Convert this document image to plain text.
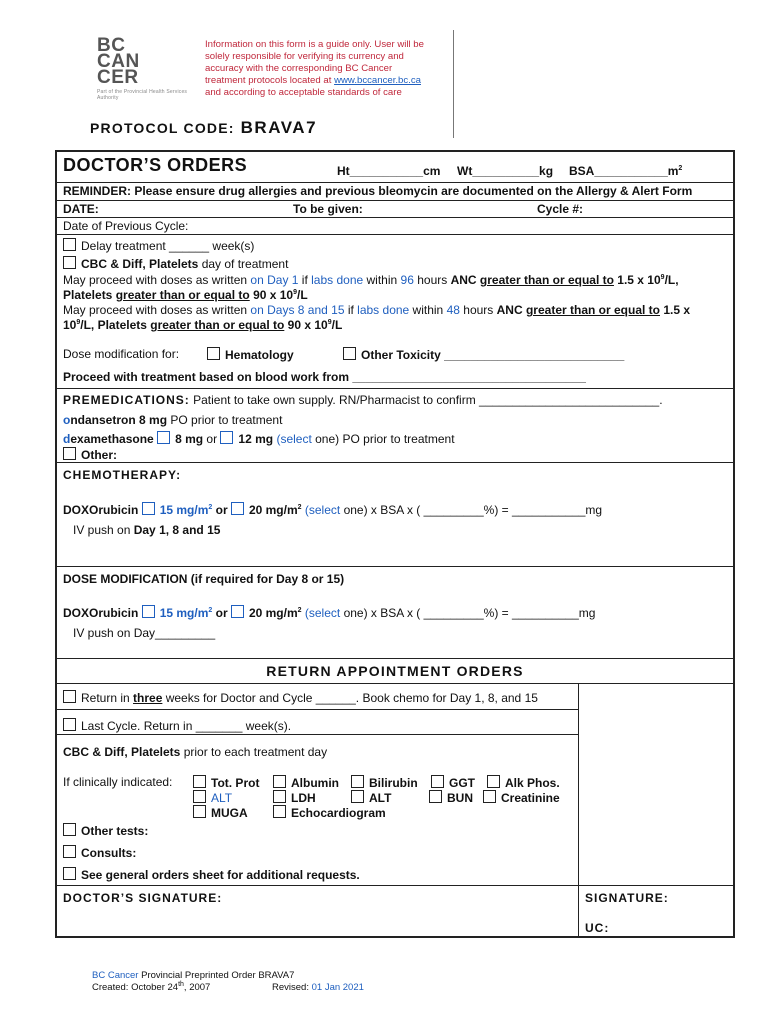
BC
CAN
CER
Part of the Provincial Health Services Authority
Information on this form is a guide only. User will be
solely responsible for verifying its currency and
accuracy with the corresponding BC Cancer
treatment protocols located at www.bccancer.bc.ca
and according to acceptable standards of care
PROTOCOL CODE: BRAVA7
DOCTOR’S ORDERS	Ht___________cm Wt__________kg $BSA\_\_\_\_\_\_\_\_\_\_\_m^2$
REMINDER: Please ensure drug allergies and previous bleomycin are documented on the Allergy & Alert Form
DATE:	To be given:	Cycle #:
Date of Previous Cycle:
Delay treatment ______ week(s)
CBC & Diff, Platelets day of treatment
May proceed with doses as written on Day 1 if labs done within 96 hours ANC greater than or equal to 1.5 x $10^9/L$,
Platelets greater than or equal to 90 x $10^9/L$
May proceed with doses as written on Days 8 and 15 if labs done within 48 hours ANC greater than or equal to 1.5 x
$10^9/L$, Platelets greater than or equal to 90 x $10^9/L$
Dose modification for:	Hematology	Other Toxicity ___________________________
Proceed with treatment based on blood work from ___________________________________
PREMEDICATIONS: Patient to take own supply. RN/Pharmacist to confirm ___________________________.
ondansetron 8 mg PO prior to treatment
dexamethasone 8 mg or 12 mg (select one) PO prior to treatment
Other:
CHEMOTHERAPY:
DOXOrubicin 15 $mg/m^2$ or 20 $mg/m^2$ (select one) x BSA x ( _________%) = ___________mg
IV push on Day 1, 8 and 15
DOSE MODIFICATION (if required for Day 8 or 15)
DOXOrubicin 15 $mg/m^2$ or 20 $mg/m^2$ (select one) x BSA x ( _________%) = __________mg
IV push on Day_________
RETURN APPOINTMENT ORDERS
Return in three weeks for Doctor and Cycle ______. Book chemo for Day 1, 8, and 15
Last Cycle. Return in _______ week(s).
CBC & Diff, Platelets prior to each treatment day
If clinically indicated:	Tot. Prot	Albumin	Bilirubin	GGT	Alk Phos.
ALT	LDH	ALT	BUN	Creatinine
MUGA	Echocardiogram
Other tests:
Consults:
See general orders sheet for additional requests.
DOCTOR’S SIGNATURE:	SIGNATURE:
UC:
BC Cancer Provincial Preprinted Order BRAVA7
Created: October 24th, 2007	Revised: 01 Jan 2021
